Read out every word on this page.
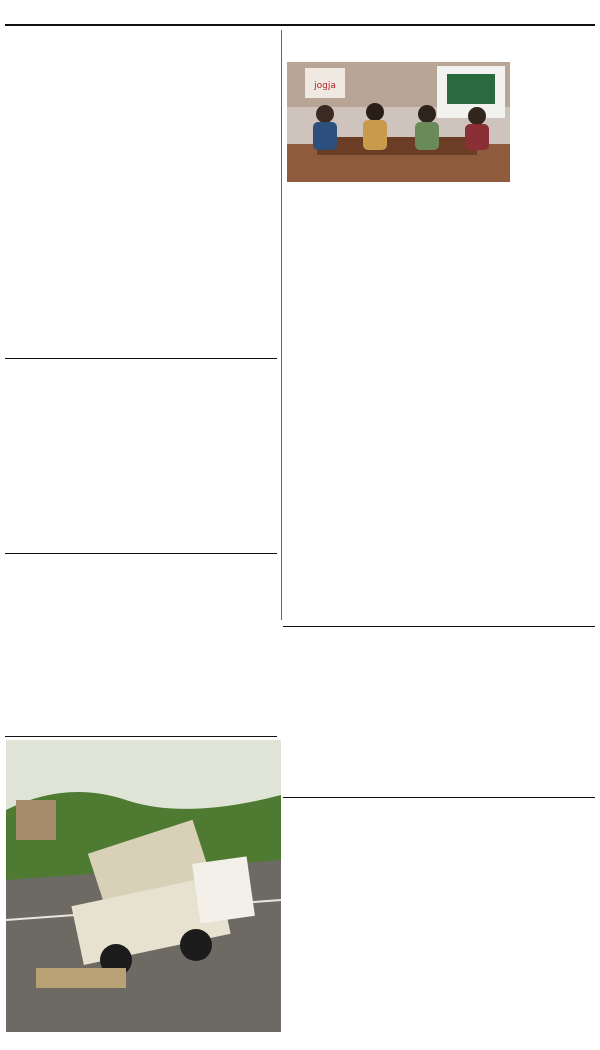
jogja
